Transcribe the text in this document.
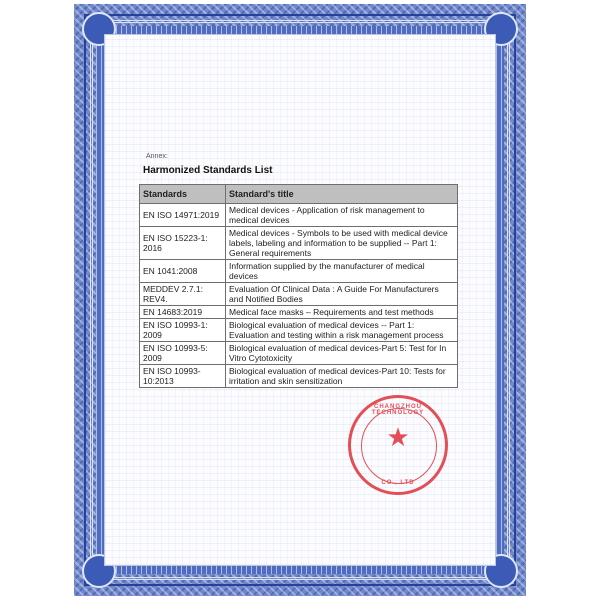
Annex:
Harmonized Standards List
Standards	Standard's title
EN ISO 14971:2019	Medical devices - Application of risk management to medical devices
EN ISO 15223-1: 2016	Medical devices - Symbols to be used with medical device labels, labeling and information to be supplied -- Part 1: General requirements
EN 1041:2008	Information supplied by the manufacturer of medical devices
MEDDEV 2.7.1: REV4.	Evaluation Of Clinical Data : A Guide For Manufacturers and Notified Bodies
EN 14683:2019	Medical face masks – Requirements and test methods
EN ISO 10993-1: 2009	Biological evaluation of medical devices -- Part 1: Evaluation and testing within a risk management process
EN ISO 10993-5: 2009	Biological evaluation of medical devices-Part 5: Test for In Vitro Cytotoxicity
EN ISO 10993-10:2013	Biological evaluation of medical devices-Part 10: Tests for irritation and skin sensitization
CHANGZHOU TECHNOLOGY
★
CO., LTD
